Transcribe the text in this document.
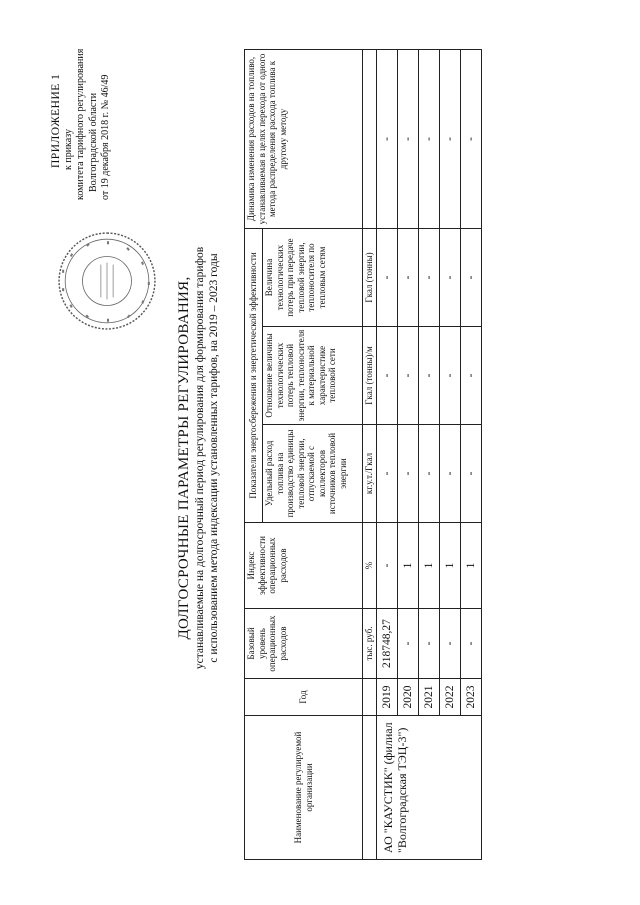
ПРИЛОЖЕНИЕ 1 к приказу комитета тарифного регулирования Волгоградской области от 19 декабря 2018 г. № 46/49
ДОЛГОСРОЧНЫЕ ПАРАМЕТРЫ РЕГУЛИРОВАНИЯ, устанавливаемые на долгосрочный период регулирования для формирования тарифов с использованием метода индексации установленных тарифов, на 2019 – 2023 годы
Наименование регулируемой организации	Год	Базовый уровень операционных расходов	Индекс эффективности операционных расходов	Показатели энергосбережения и энергетической эффективности			Динамика изменения расходов на топливо, устанавливаемая в целях перехода от одного метода распределения расхода топлива к другому методу
				Удельный расход топлива на производство единицы тепловой энергии, отпускаемой с коллекторов источников тепловой энергии	Отношение величины технологических потерь тепловой энергии, теплоносителя к материальной характеристике тепловой сети	Величина технологических потерь при передаче тепловой энергии, теплоносителя по тепловым сетям	
		тыс. руб.	%	кг.у.т./Гкал	Гкал (тонны)/м	Гкал (тонны)	
АО "КАУСТИК" (филиал "Волгоградская ТЭЦ-3")	2019	218748,27	-	-	-	-	-
	2020	-	1	-	-	-	-
	2021	-	1	-	-	-	-
	2022	-	1	-	-	-	-
	2023	-	1	-	-	-	-
